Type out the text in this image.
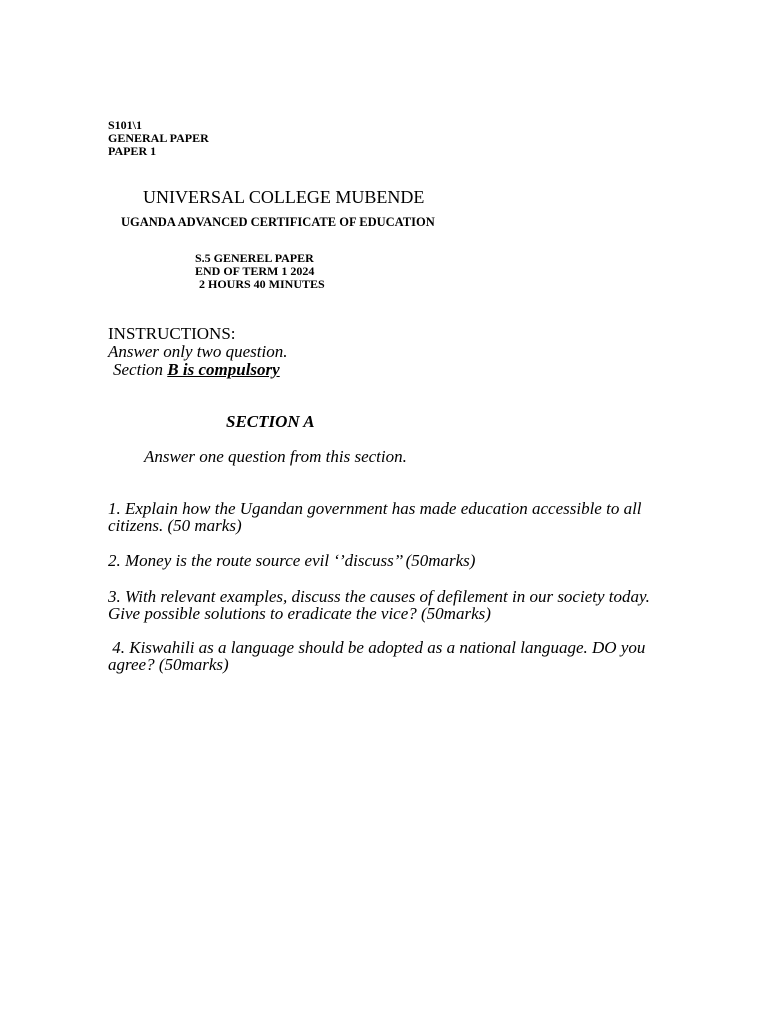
S101\1
GENERAL PAPER
PAPER 1
UNIVERSAL COLLEGE MUBENDE
UGANDA ADVANCED CERTIFICATE OF EDUCATION
S.5 GENEREL PAPER
END OF TERM 1 2024
2 HOURS 40 MINUTES
INSTRUCTIONS:
Answer only two question.
Section B is compulsory
SECTION A
Answer one question from this section.
1. Explain how the Ugandan government has made education accessible to all citizens. (50 marks)
2. Money is the route source evil ‘’discuss’’ (50marks)
3. With relevant examples, discuss the causes of defilement in our society today. Give possible solutions to eradicate the vice? (50marks)
4. Kiswahili as a language should be adopted as a national language. DO you agree? (50marks)
